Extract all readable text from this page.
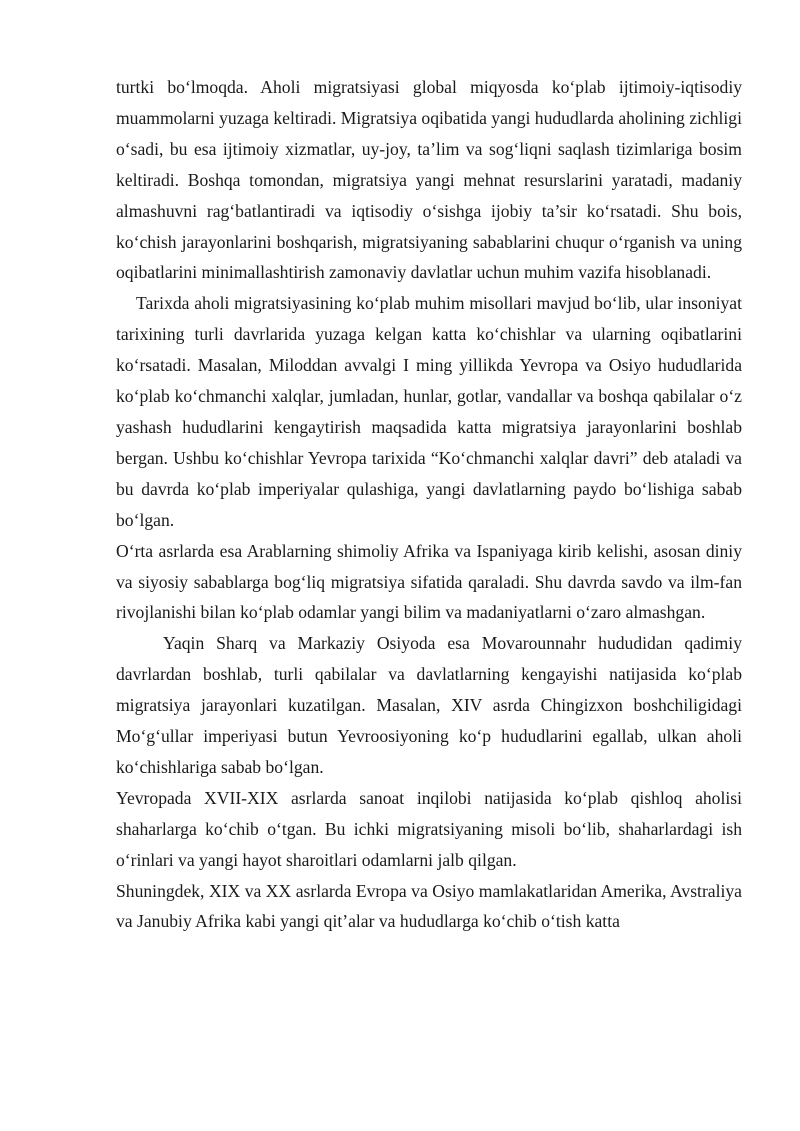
turtki boʻlmoqda. Aholi migratsiyasi global miqyosda koʻplab ijtimoiy-iqtisodiy muammolarni yuzaga keltiradi. Migratsiya oqibatida yangi hududlarda aholining zichligi oʻsadi, bu esa ijtimoiy xizmatlar, uy-joy, ta’lim va sogʻliqni saqlash tizimlariga bosim keltiradi. Boshqa tomondan, migratsiya yangi mehnat resurslarini yaratadi, madaniy almashuvni ragʻbatlantiradi va iqtisodiy oʻsishga ijobiy ta’sir koʻrsatadi. Shu bois, koʻchish jarayonlarini boshqarish, migratsiyaning sabablarini chuqur oʻrganish va uning oqibatlarini minimallashtirish zamonaviy davlatlar uchun muhim vazifa hisoblanadi.

Tarixda aholi migratsiyasining koʻplab muhim misollari mavjud boʻlib, ular insoniyat tarixining turli davrlarida yuzaga kelgan katta koʻchishlar va ularning oqibatlarini koʻrsatadi. Masalan, Miloddan avvalgi I ming yillikda Yevropa va Osiyo hududlarida koʻplab koʻchmanchi xalqlar, jumladan, hunlar, gotlar, vandallar va boshqa qabilalar oʻz yashash hududlarini kengaytirish maqsadida katta migratsiya jarayonlarini boshlab bergan. Ushbu koʻchishlar Yevropa tarixida “Koʻchmanchi xalqlar davri” deb ataladi va bu davrda koʻplab imperiyalar qulashiga, yangi davlatlarning paydo boʻlishiga sabab boʻlgan.

Oʻrta asrlarda esa Arablarning shimoliy Afrika va Ispaniyaga kirib kelishi, asosan diniy va siyosiy sabablarga bogʻliq migratsiya sifatida qaraladi. Shu davrda savdo va ilm-fan rivojlanishi bilan koʻplab odamlar yangi bilim va madaniyatlarni oʻzaro almashgan.

Yaqin Sharq va Markaziy Osiyoda esa Movarounnahr hududidan qadimiy davrlardan boshlab, turli qabilalar va davlatlarning kengayishi natijasida koʻplab migratsiya jarayonlari kuzatilgan. Masalan, XIV asrda Chingizxon boshchiligidagi Moʻgʻullar imperiyasi butun Yevroosiyoning koʻp hududlarini egallab, ulkan aholi koʻchishlariga sabab boʻlgan.

Yevropada XVII-XIX asrlarda sanoat inqilobi natijasida koʻplab qishloq aholisi shaharlarga koʻchib oʻtgan. Bu ichki migratsiyaning misoli boʻlib, shaharlardagi ish oʻrinlari va yangi hayot sharoitlari odamlarni jalb qilgan.

Shuningdek, XIX va XX asrlarda Evropa va Osiyo mamlakatlaridan Amerika, Avstraliya va Janubiy Afrika kabi yangi qit’alar va hududlarga koʻchib oʻtish katta
